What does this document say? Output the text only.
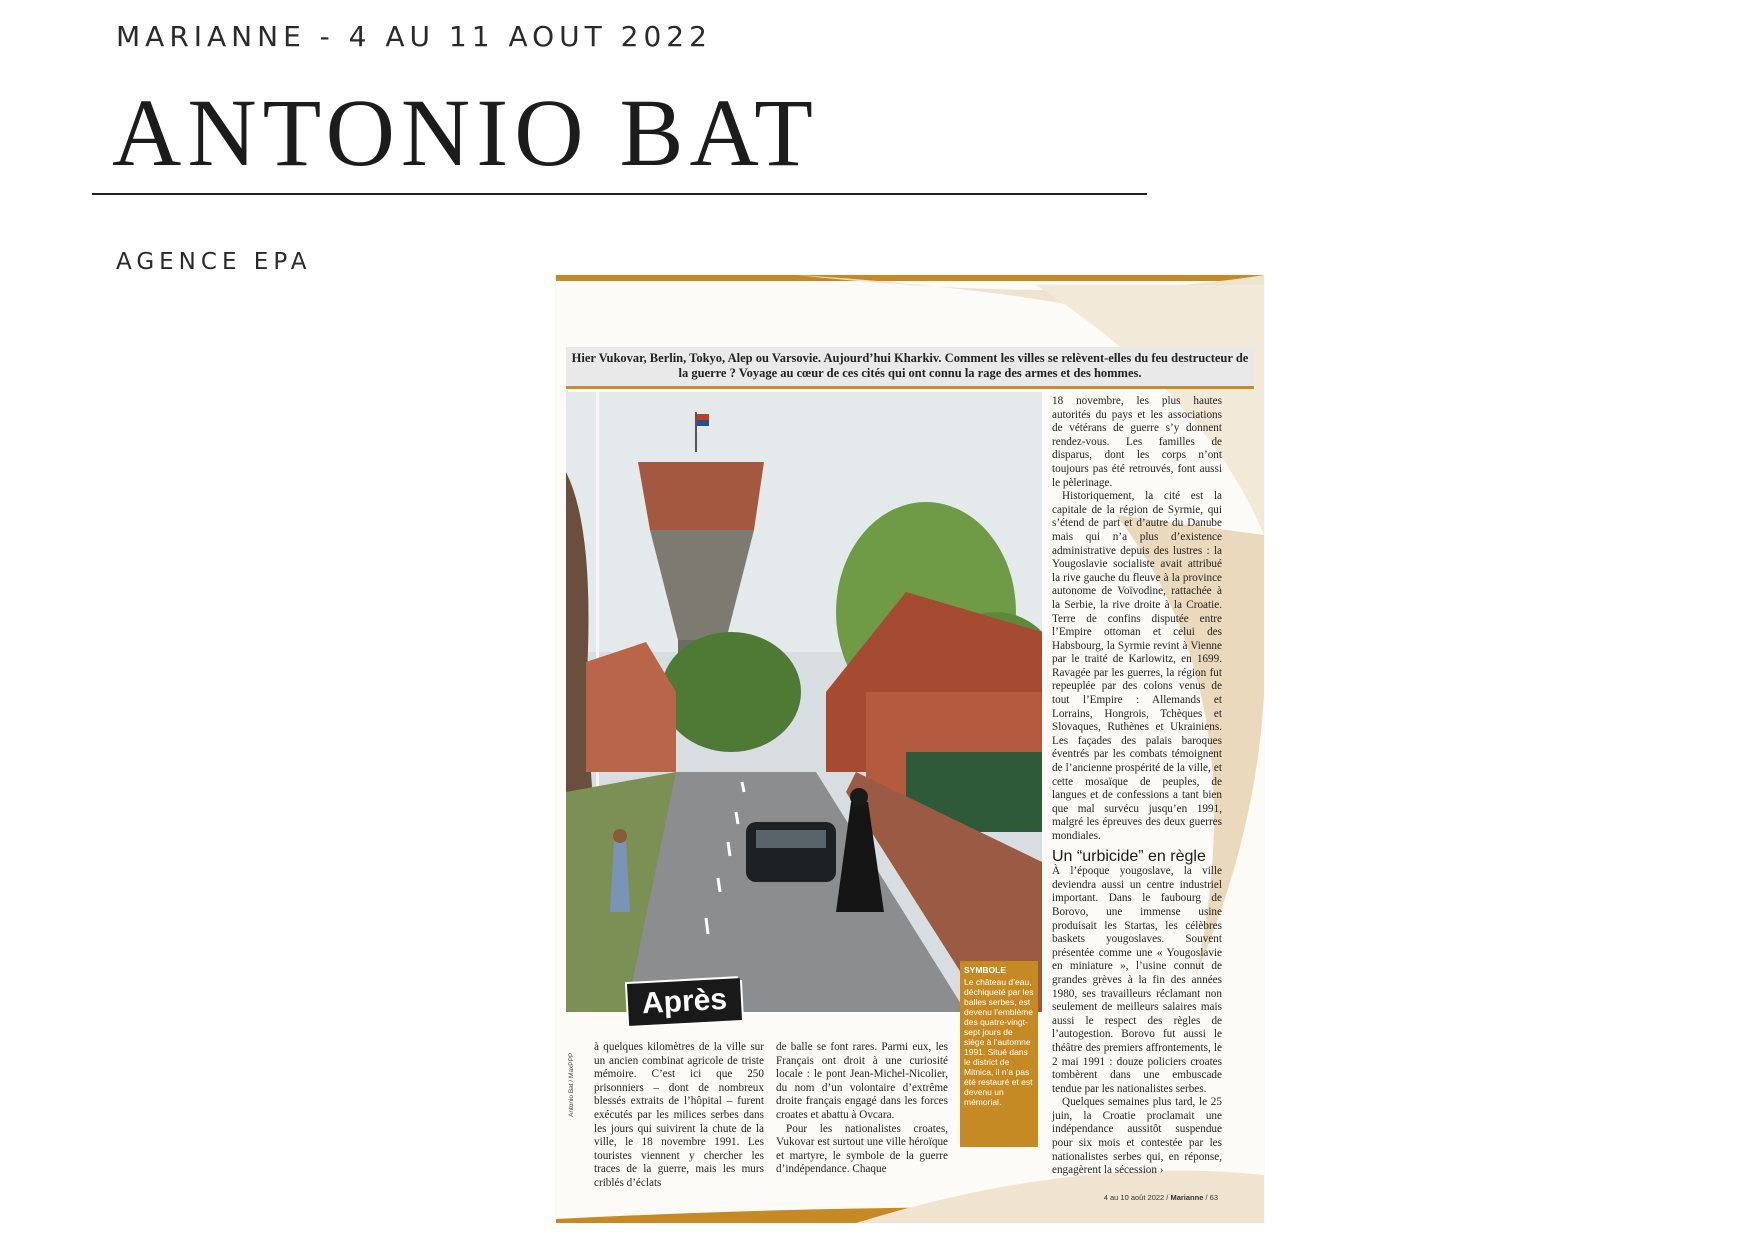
MARIANNE - 4 AU 11 AOUT 2022
ANTONIO BAT
AGENCE EPA
Hier Vukovar, Berlin, Tokyo, Alep ou Varsovie. Aujourd’hui Kharkiv. Comment les villes se relèvent-elles du feu destructeur de la guerre ? Voyage au cœur de ces cités qui ont connu la rage des armes et des hommes.
Après
SYMBOLE
Le château d’eau, déchiqueté par les balles serbes, est devenu l’emblème des quatre-vingt-sept jours de siège à l’automne 1991. Situé dans le district de Mitnica, il n’a pas été restauré et est devenu un mémorial.

18 novembre, les plus hautes autorités du pays et les associations de vétérans de guerre s’y donnent rendez-vous. Les familles de disparus, dont les corps n’ont toujours pas été retrouvés, font aussi le pèlerinage.

Historiquement, la cité est la capitale de la région de Syrmie, qui s’étend de part et d’autre du Danube mais qui n’a plus d’existence administrative depuis des lustres : la Yougoslavie socialiste avait attribué la rive gauche du fleuve à la province autonome de Voïvodine, rattachée à la Serbie, la rive droite à la Croatie. Terre de confins disputée entre l’Empire ottoman et celui des Habsbourg, la Syrmie revint à Vienne par le traité de Karlowitz, en 1699. Ravagée par les guerres, la région fut repeuplée par des colons venus de tout l’Empire : Allemands et Lorrains, Hongrois, Tchèques et Slovaques, Ruthènes et Ukrainiens. Les façades des palais baroques éventrés par les combats témoignent de l’ancienne prospérité de la ville, et cette mosaïque de peuples, de langues et de confessions a tant bien que mal survécu jusqu’en 1991, malgré les épreuves des deux guerres mondiales.

Un “urbicide” en règle

À l’époque yougoslave, la ville deviendra aussi un centre industriel important. Dans le faubourg de Borovo, une immense usine produisait les Startas, les célèbres baskets yougoslaves. Souvent présentée comme une « Yougoslavie en miniature », l’usine connut de grandes grèves à la fin des années 1980, ses travailleurs réclamant non seulement de meilleurs salaires mais aussi le respect des règles de l’autogestion. Borovo fut aussi le théâtre des premiers affrontements, le 2 mai 1991 : douze policiers croates tombèrent dans une embuscade tendue par les nationalistes serbes.

Quelques semaines plus tard, le 25 juin, la Croatie proclamait une indépendance aussitôt suspendue pour six mois et contestée par les nationalistes serbes qui, en réponse, engagèrent la sécession ›

à quelques kilomètres de la ville sur un ancien combinat agricole de triste mémoire. C’est ici que 250 prisonniers – dont de nombreux blessés extraits de l’hôpital – furent exécutés par les milices serbes dans les jours qui suivirent la chute de la ville, le 18 novembre 1991. Les touristes viennent y chercher les traces de la guerre, mais les murs criblés d’éclats

de balle se font rares. Parmi eux, les Français ont droit à une curiosité locale : le pont Jean-Michel-Nicolier, du nom d’un volontaire d’extrême droite français engagé dans les forces croates et abattu à Ovcara.

Pour les nationalistes croates, Vukovar est surtout une ville héroïque et martyre, le symbole de la guerre d’indépendance. Chaque

Antonio Bat / MaxPPP
4 au 10 août 2022 / Marianne / 63
